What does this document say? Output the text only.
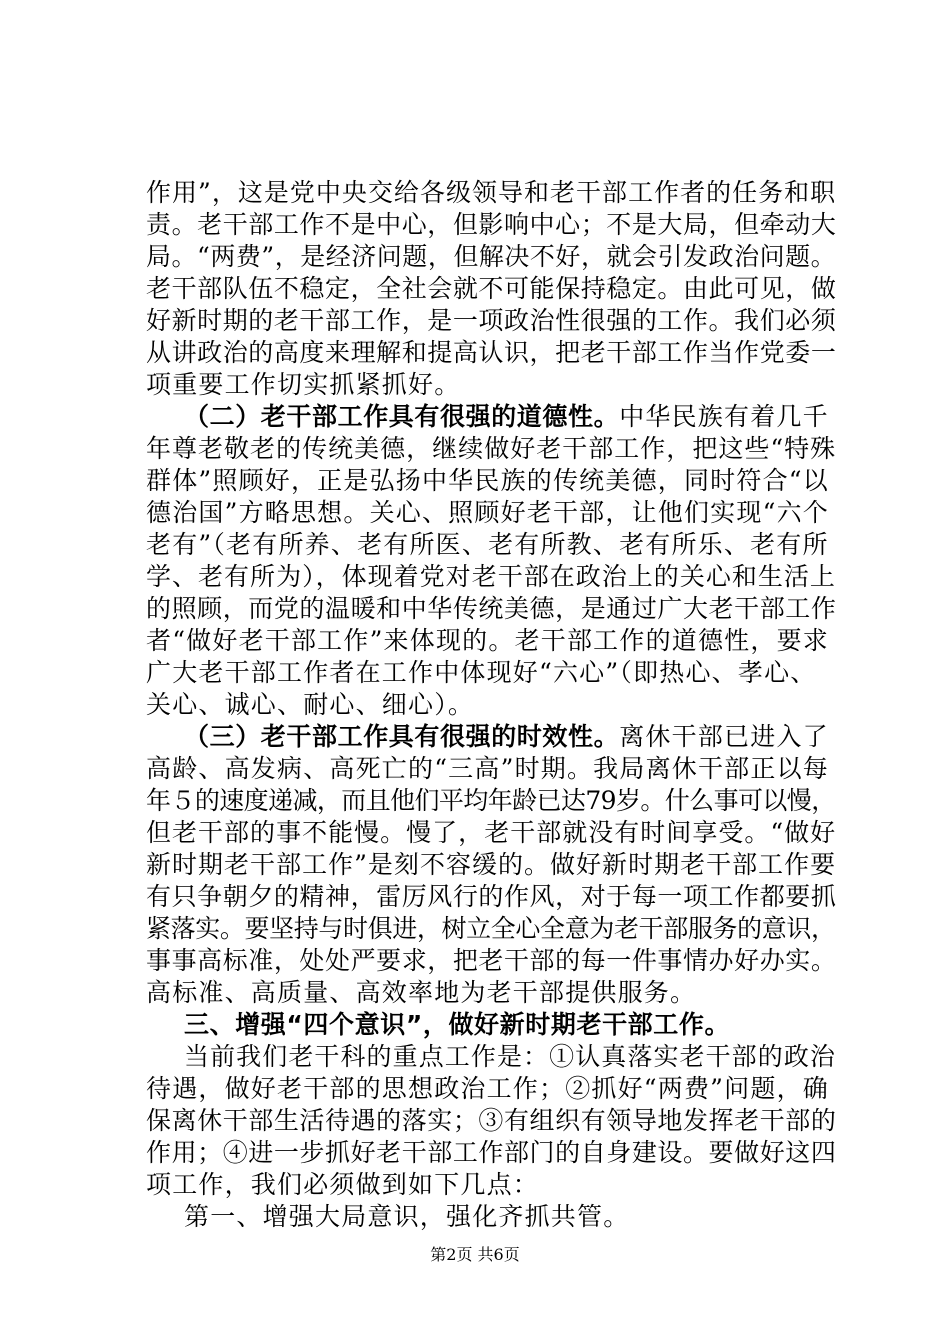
作用”，这是党中央交给各级领导和老干部工作者的任务和职
责。老干部工作不是中心，但影响中心；不是大局，但牵动大
局。“两费”，是经济问题，但解决不好，就会引发政治问题。
老干部队伍不稳定，全社会就不可能保持稳定。由此可见，做
好新时期的老干部工作，是一项政治性很强的工作。我们必须
从讲政治的高度来理解和提高认识，把老干部工作当作党委一
项重要工作切实抓紧抓好。
（二）老干部工作具有很强的道德性。中华民族有着几千
年尊老敬老的传统美德，继续做好老干部工作，把这些“特殊
群体”照顾好，正是弘扬中华民族的传统美德，同时符合“以
德治国”方略思想。关心、照顾好老干部，让他们实现“六个
老有”（老有所养、老有所医、老有所教、老有所乐、老有所
学、老有所为），体现着党对老干部在政治上的关心和生活上
的照顾，而党的温暖和中华传统美德，是通过广大老干部工作
者“做好老干部工作”来体现的。老干部工作的道德性，要求
广大老干部工作者在工作中体现好“六心”（即热心、孝心、
关心、诚心、耐心、细心）。
（三）老干部工作具有很强的时效性。离休干部已进入了
高龄、高发病、高死亡的“三高”时期。我局离休干部正以每
年５的速度递减，而且他们平均年龄已达79岁。什么事可以慢，
但老干部的事不能慢。慢了，老干部就没有时间享受。“做好
新时期老干部工作”是刻不容缓的。做好新时期老干部工作要
有只争朝夕的精神，雷厉风行的作风，对于每一项工作都要抓
紧落实。要坚持与时俱进，树立全心全意为老干部服务的意识，
事事高标准，处处严要求，把老干部的每一件事情办好办实。
高标准、高质量、高效率地为老干部提供服务。
三、增强“四个意识”，做好新时期老干部工作。
当前我们老干科的重点工作是：①认真落实老干部的政治
待遇，做好老干部的思想政治工作；②抓好“两费”问题，确
保离休干部生活待遇的落实；③有组织有领导地发挥老干部的
作用；④进一步抓好老干部工作部门的自身建设。要做好这四
项工作，我们必须做到如下几点：
第一、增强大局意识，强化齐抓共管。
第2页 共6页
